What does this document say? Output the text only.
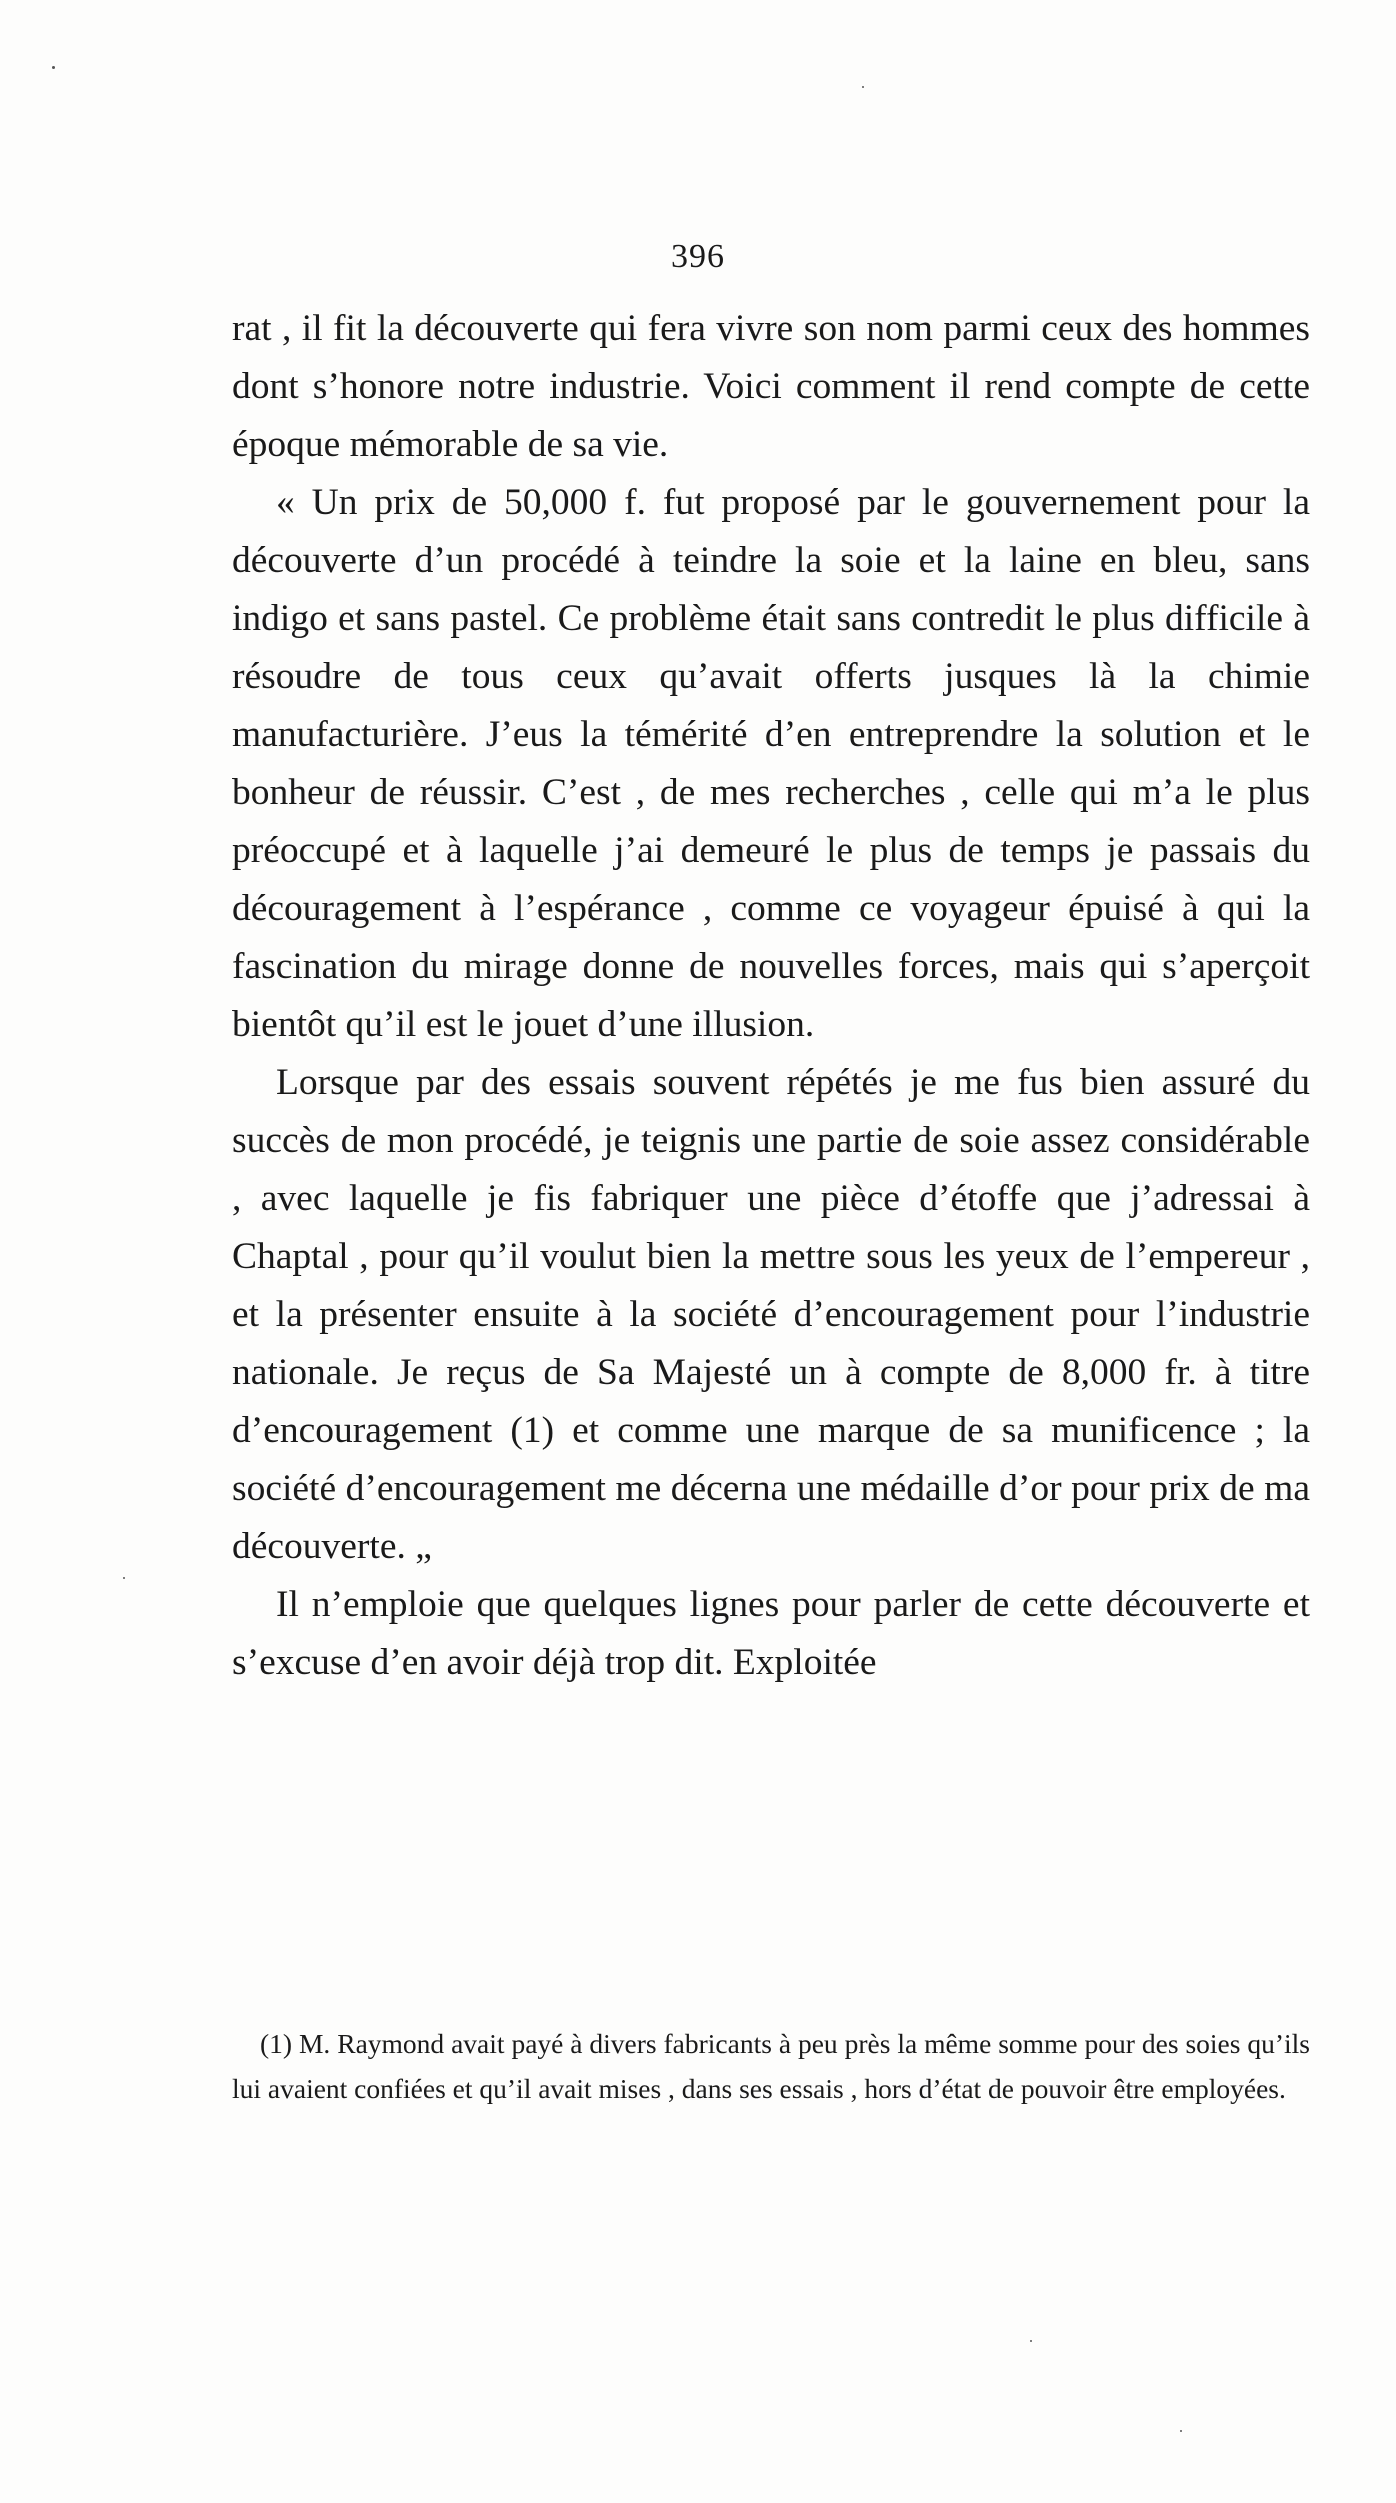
396

rat , il fit la découverte qui fera vivre son nom parmi ceux des hommes dont s’honore notre industrie. Voici comment il rend compte de cette époque mémorable de sa vie.

« Un prix de 50,000 f. fut proposé par le gouvernement pour la découverte d’un procédé à teindre la soie et la laine en bleu, sans indigo et sans pastel. Ce problème était sans contredit le plus difficile à résoudre de tous ceux qu’avait offerts jusques là la chimie manufacturière. J’eus la témérité d’en entreprendre la solution et le bonheur de réussir. C’est , de mes recherches , celle qui m’a le plus préoccupé et à laquelle j’ai demeuré le plus de temps je passais du découragement à l’espérance , comme ce voyageur épuisé à qui la fascination du mirage donne de nouvelles forces, mais qui s’aperçoit bientôt qu’il est le jouet d’une illusion.

Lorsque par des essais souvent répétés je me fus bien assuré du succès de mon procédé, je teignis une partie de soie assez considérable , avec laquelle je fis fabriquer une pièce d’étoffe que j’adressai à Chaptal , pour qu’il voulut bien la mettre sous les yeux de l’empereur , et la présenter ensuite à la société d’encouragement pour l’industrie nationale. Je reçus de Sa Majesté un à compte de 8,000 fr. à titre d’encouragement (1) et comme une marque de sa munificence ; la société d’encouragement me décerna une médaille d’or pour prix de ma découverte. „

Il n’emploie que quelques lignes pour parler de cette découverte et s’excuse d’en avoir déjà trop dit. Exploitée

(1) M. Raymond avait payé à divers fabricants à peu près la même somme pour des soies qu’ils lui avaient confiées et qu’il avait mises , dans ses essais , hors d’état de pouvoir être employées.
